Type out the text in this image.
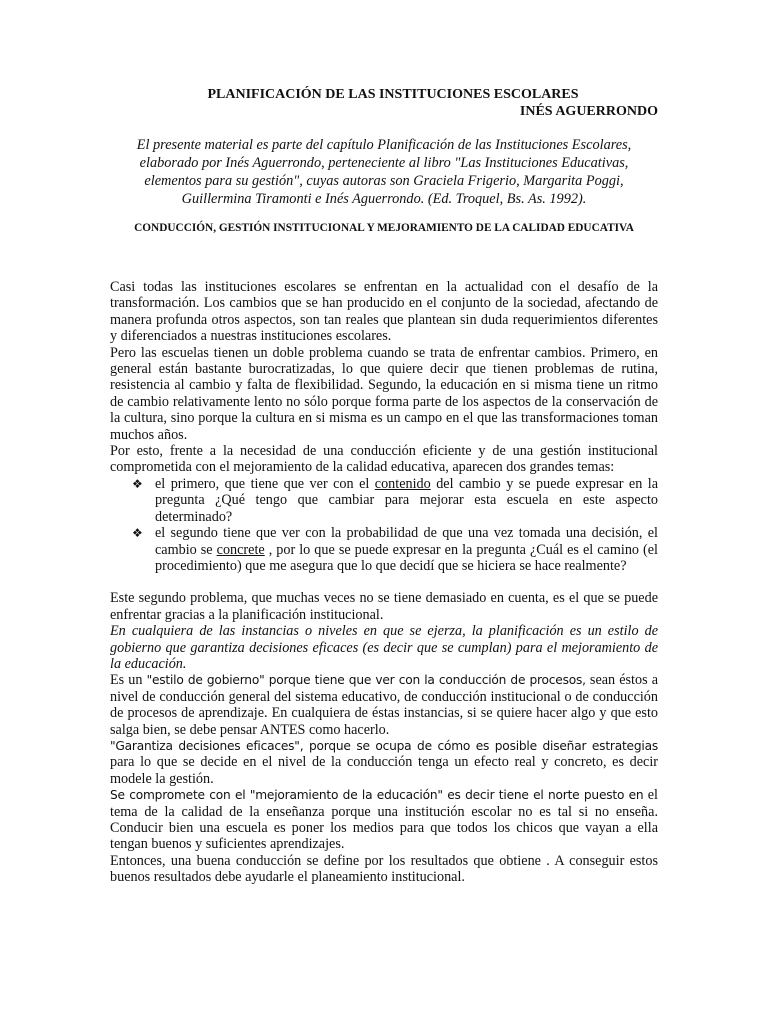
PLANIFICACIÓN DE LAS INSTITUCIONES ESCOLARES
INÉS AGUERRONDO
El presente material es parte del capítulo Planificación de las Instituciones Escolares, elaborado por Inés Aguerrondo, perteneciente al libro "Las Instituciones Educativas, elementos para su gestión", cuyas autoras son Graciela Frigerio, Margarita Poggi, Guillermina Tiramonti e Inés Aguerrondo. (Ed. Troquel, Bs. As. 1992).
CONDUCCIÓN, GESTIÓN INSTITUCIONAL Y MEJORAMIENTO DE LA CALIDAD EDUCATIVA

Casi todas las instituciones escolares se enfrentan en la actualidad con el desafío de la transformación. Los cambios que se han producido en el conjunto de la sociedad, afectando de manera profunda otros aspectos, son tan reales que plantean sin duda requerimientos diferentes y diferenciados a nuestras instituciones escolares.

Pero las escuelas tienen un doble problema cuando se trata de enfrentar cambios. Primero, en general están bastante burocratizadas, lo que quiere decir que tienen problemas de rutina, resistencia al cambio y falta de flexibilidad. Segundo, la educación en si misma tiene un ritmo de cambio relativamente lento no sólo porque forma parte de los aspectos de la conservación de la cultura, sino porque la cultura en si misma es un campo en el que las transformaciones toman muchos años.

Por esto, frente a la necesidad de una conducción eficiente y de una gestión institucional comprometida con el mejoramiento de la calidad educativa, aparecen dos grandes temas:

❖ el primero, que tiene que ver con el contenido del cambio y se puede expresar en la pregunta ¿Qué tengo que cambiar para mejorar esta escuela en este aspecto determinado?
❖ el segundo tiene que ver con la probabilidad de que una vez tomada una decisión, el cambio se concrete , por lo que se puede expresar en la pregunta ¿Cuál es el camino (el procedimiento) que me asegura que lo que decidí que se hiciera se hace realmente?

Este segundo problema, que muchas veces no se tiene demasiado en cuenta, es el que se puede enfrentar gracias a la planificación institucional.

En cualquiera de las instancias o niveles en que se ejerza, la planificación es un estilo de gobierno que garantiza decisiones eficaces (es decir que se cumplan) para el mejoramiento de la educación.

Es un "estilo de gobierno" porque tiene que ver con la conducción de procesos, sean éstos a nivel de conducción general del sistema educativo, de conducción institucional o de conducción de procesos de aprendizaje. En cualquiera de éstas instancias, si se quiere hacer algo y que esto salga bien, se debe pensar ANTES como hacerlo.

"Garantiza decisiones eficaces", porque se ocupa de cómo es posible diseñar estrategias para lo que se decide en el nivel de la conducción tenga un efecto real y concreto, es decir modele la gestión.

Se compromete con el "mejoramiento de la educación" es decir tiene el norte puesto en el tema de la calidad de la enseñanza porque una institución escolar no es tal si no enseña. Conducir bien una escuela es poner los medios para que todos los chicos que vayan a ella tengan buenos y suficientes aprendizajes.

Entonces, una buena conducción se define por los resultados que obtiene . A conseguir estos buenos resultados debe ayudarle el planeamiento institucional.
